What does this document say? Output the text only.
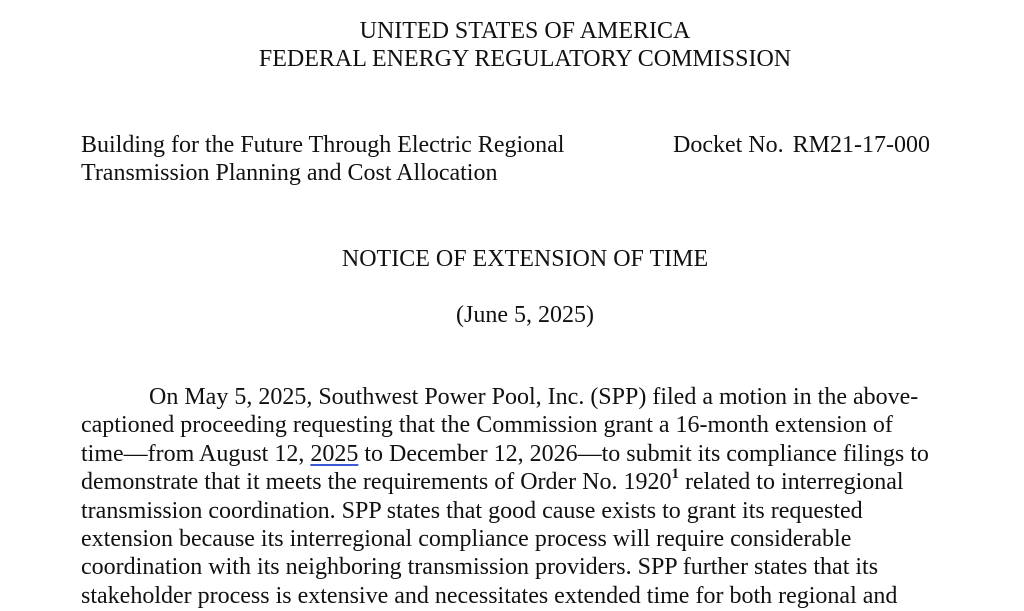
UNITED STATES OF AMERICA
FEDERAL ENERGY REGULATORY COMMISSION
Building for the Future Through Electric Regional
Transmission Planning and Cost Allocation
Docket No. RM21-17-000
NOTICE OF EXTENSION OF TIME
(June 5, 2025)
On May 5, 2025, Southwest Power Pool, Inc. (SPP) filed a motion in the above-
captioned proceeding requesting that the Commission grant a 16-month extension of
time—from August 12, 2025 to December 12, 2026—to submit its compliance filings to
demonstrate that it meets the requirements of Order No. 1920$^1$ related to interregional
transmission coordination. SPP states that good cause exists to grant its requested
extension because its interregional compliance process will require considerable
coordination with its neighboring transmission providers. SPP further states that its
stakeholder process is extensive and necessitates extended time for both regional and
